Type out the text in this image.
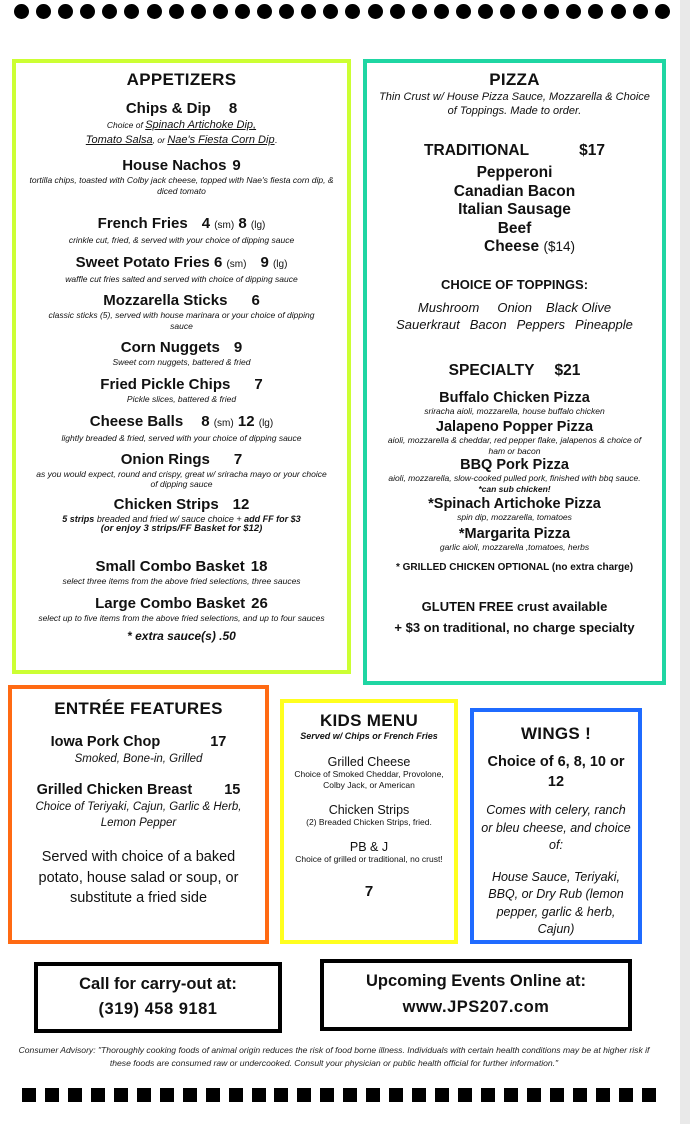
APPETIZERS
Chips & Dip 8
Choice of Spinach Artichoke Dip,
Tomato Salsa, or Nae's Fiesta Corn Dip.
House Nachos 9
tortilla chips, toasted with Colby jack cheese, topped with Nae's fiesta corn dip, & diced tomato
French Fries 4 (sm) 8 (lg)
crinkle cut, fried, & served with your choice of dipping sauce
Sweet Potato Fries 6 (sm) 9 (lg)
waffle cut fries salted and served with choice of dipping sauce
Mozzarella Sticks 6
classic sticks (5), served with house marinara or your choice of dipping sauce
Corn Nuggets 9
Sweet corn nuggets, battered & fried
Fried Pickle Chips 7
Pickle slices, battered & fried
Cheese Balls 8 (sm) 12 (lg)
lightly breaded & fried, served with your choice of dipping sauce
Onion Rings 7
as you would expect, round and crispy, great w/ sriracha mayo or your choice of dipping sauce
Chicken Strips 12
5 strips breaded and fried w/ sauce choice + add FF for $3
(or enjoy 3 strips/FF Basket for $12)
Small Combo Basket 18
select three items from the above fried selections, three sauces
Large Combo Basket 26
select up to five items from the above fried selections, and up to four sauces
* extra sauce(s) .50
PIZZA
Thin Crust w/ House Pizza Sauce, Mozzarella & Choice of Toppings. Made to order.
TRADITIONAL	$17
Pepperoni
Canadian Bacon
Italian Sausage
Beef
Cheese ($14)
CHOICE OF TOPPINGS:
Mushroom Onion Black Olive
Sauerkraut Bacon Peppers Pineapple
SPECIALTY $21
Buffalo Chicken Pizza
sriracha aioli, mozzarella, house buffalo chicken
Jalapeno Popper Pizza
aioli, mozzarella & cheddar, red pepper flake, jalapenos & choice of ham or bacon
BBQ Pork Pizza
aioli, mozzarella, slow-cooked pulled pork, finished with bbq sauce. *can sub chicken!
*Spinach Artichoke Pizza
spin dip, mozzarella, tomatoes
*Margarita Pizza
garlic aioli, mozzarella ,tomatoes, herbs
* GRILLED CHICKEN OPTIONAL (no extra charge)
GLUTEN FREE crust available
+ $3 on traditional, no charge specialty
ENTRÉE FEATURES
Iowa Pork Chop	17
Smoked, Bone-in, Grilled
Grilled Chicken Breast 15
Choice of Teriyaki, Cajun, Garlic & Herb, Lemon Pepper
Served with choice of a baked potato, house salad or soup, or substitute a fried side
KIDS MENU
Served w/ Chips or French Fries
Grilled Cheese
Choice of Smoked Cheddar, Provolone, Colby Jack, or American
Chicken Strips
(2) Breaded Chicken Strips, fried.
PB & J
Choice of grilled or traditional, no crust!
7
WINGS !
Choice of 6, 8, 10 or 12
Comes with celery, ranch or bleu cheese, and choice of:
House Sauce, Teriyaki, BBQ, or Dry Rub (lemon pepper, garlic & herb, Cajun)
Call for carry-out at:
(319) 458 9181
Upcoming Events Online at:
www.JPS207.com
Consumer Advisory: "Thoroughly cooking foods of animal origin reduces the risk of food borne illness. Individuals with certain health conditions may be at higher risk if these foods are consumed raw or undercooked. Consult your physician or public health official for further information."
